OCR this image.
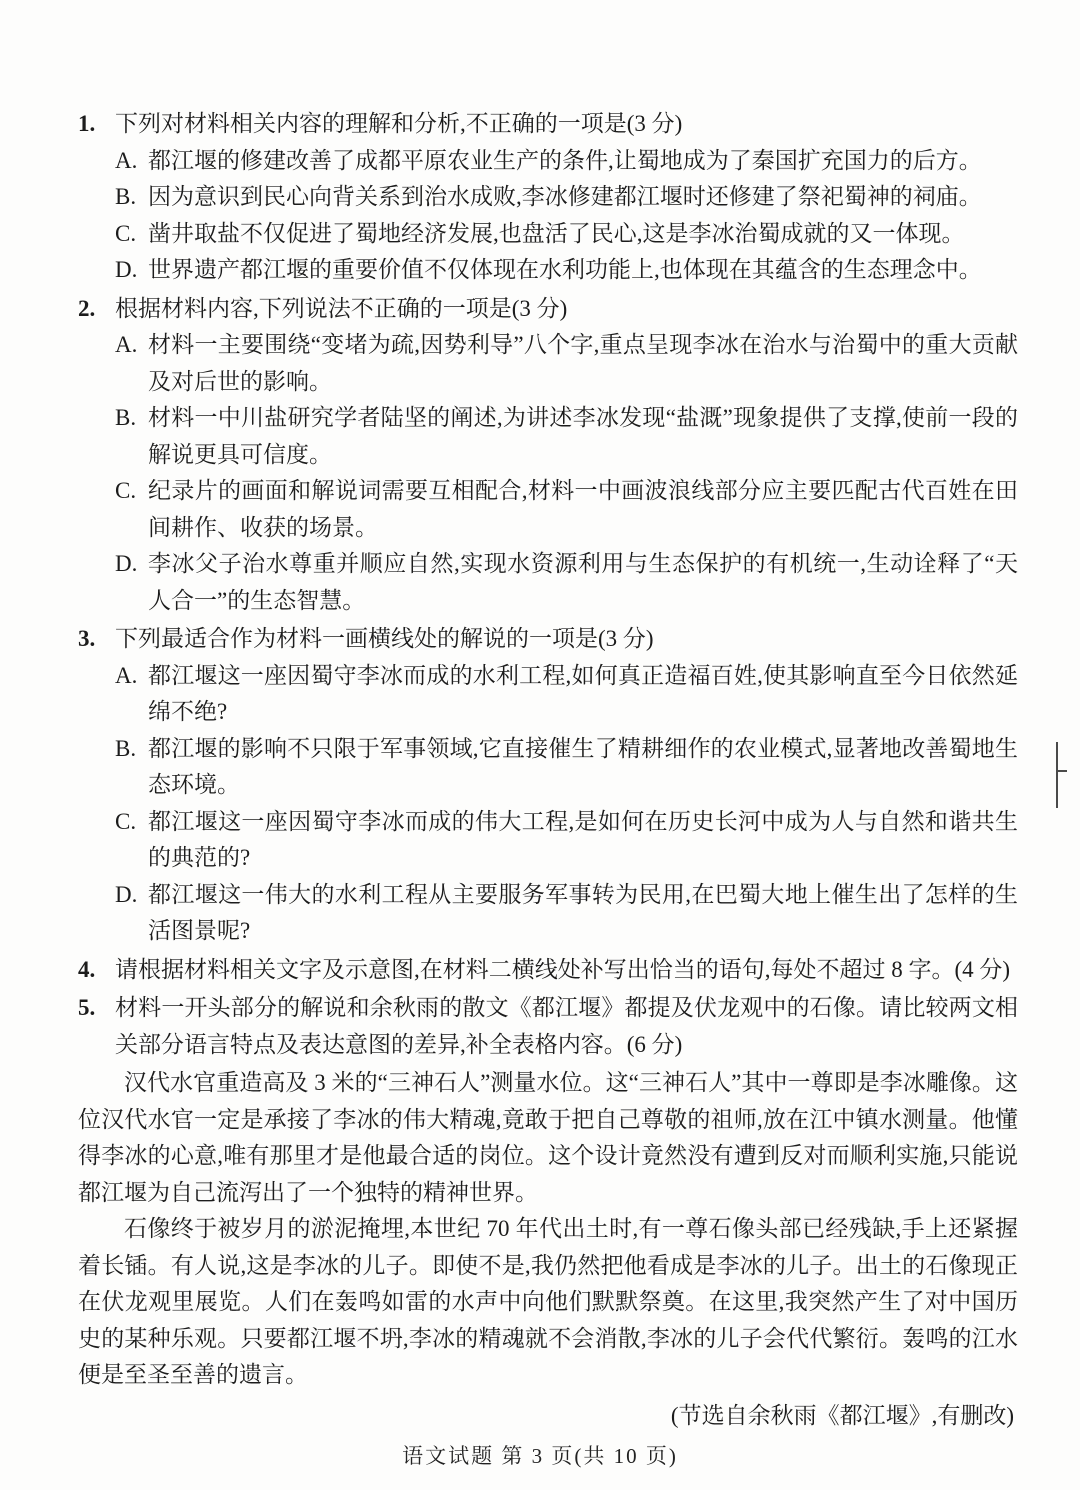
1. 下列对材料相关内容的理解和分析,不正确的一项是(3 分)
A. 都江堰的修建改善了成都平原农业生产的条件,让蜀地成为了秦国扩充国力的后方。
B. 因为意识到民心向背关系到治水成败,李冰修建都江堰时还修建了祭祀蜀神的祠庙。
C. 凿井取盐不仅促进了蜀地经济发展,也盘活了民心,这是李冰治蜀成就的又一体现。
D. 世界遗产都江堰的重要价值不仅体现在水利功能上,也体现在其蕴含的生态理念中。
2. 根据材料内容,下列说法不正确的一项是(3 分)
A. 材料一主要围绕“变堵为疏,因势利导”八个字,重点呈现李冰在治水与治蜀中的重大贡献及对后世的影响。
B. 材料一中川盐研究学者陆坚的阐述,为讲述李冰发现“盐溉”现象提供了支撑,使前一段的解说更具可信度。
C. 纪录片的画面和解说词需要互相配合,材料一中画波浪线部分应主要匹配古代百姓在田间耕作、收获的场景。
D. 李冰父子治水尊重并顺应自然,实现水资源利用与生态保护的有机统一,生动诠释了“天人合一”的生态智慧。
3. 下列最适合作为材料一画横线处的解说的一项是(3 分)
A. 都江堰这一座因蜀守李冰而成的水利工程,如何真正造福百姓,使其影响直至今日依然延绵不绝?
B. 都江堰的影响不只限于军事领域,它直接催生了精耕细作的农业模式,显著地改善蜀地生态环境。
C. 都江堰这一座因蜀守李冰而成的伟大工程,是如何在历史长河中成为人与自然和谐共生的典范的?
D. 都江堰这一伟大的水利工程从主要服务军事转为民用,在巴蜀大地上催生出了怎样的生活图景呢?
4. 请根据材料相关文字及示意图,在材料二横线处补写出恰当的语句,每处不超过 8 字。(4 分)
5. 材料一开头部分的解说和余秋雨的散文《都江堰》都提及伏龙观中的石像。请比较两文相关部分语言特点及表达意图的差异,补全表格内容。(6 分)

汉代水官重造高及 3 米的“三神石人”测量水位。这“三神石人”其中一尊即是李冰雕像。这位汉代水官一定是承接了李冰的伟大精魂,竟敢于把自己尊敬的祖师,放在江中镇水测量。他懂得李冰的心意,唯有那里才是他最合适的岗位。这个设计竟然没有遭到反对而顺利实施,只能说都江堰为自己流泻出了一个独特的精神世界。

石像终于被岁月的淤泥掩埋,本世纪 70 年代出土时,有一尊石像头部已经残缺,手上还紧握着长锸。有人说,这是李冰的儿子。即使不是,我仍然把他看成是李冰的儿子。出土的石像现正在伏龙观里展览。人们在轰鸣如雷的水声中向他们默默祭奠。在这里,我突然产生了对中国历史的某种乐观。只要都江堰不坍,李冰的精魂就不会消散,李冰的儿子会代代繁衍。轰鸣的江水便是至圣至善的遗言。

(节选自余秋雨《都江堰》,有删改)
语文试题 第 3 页(共 10 页)
